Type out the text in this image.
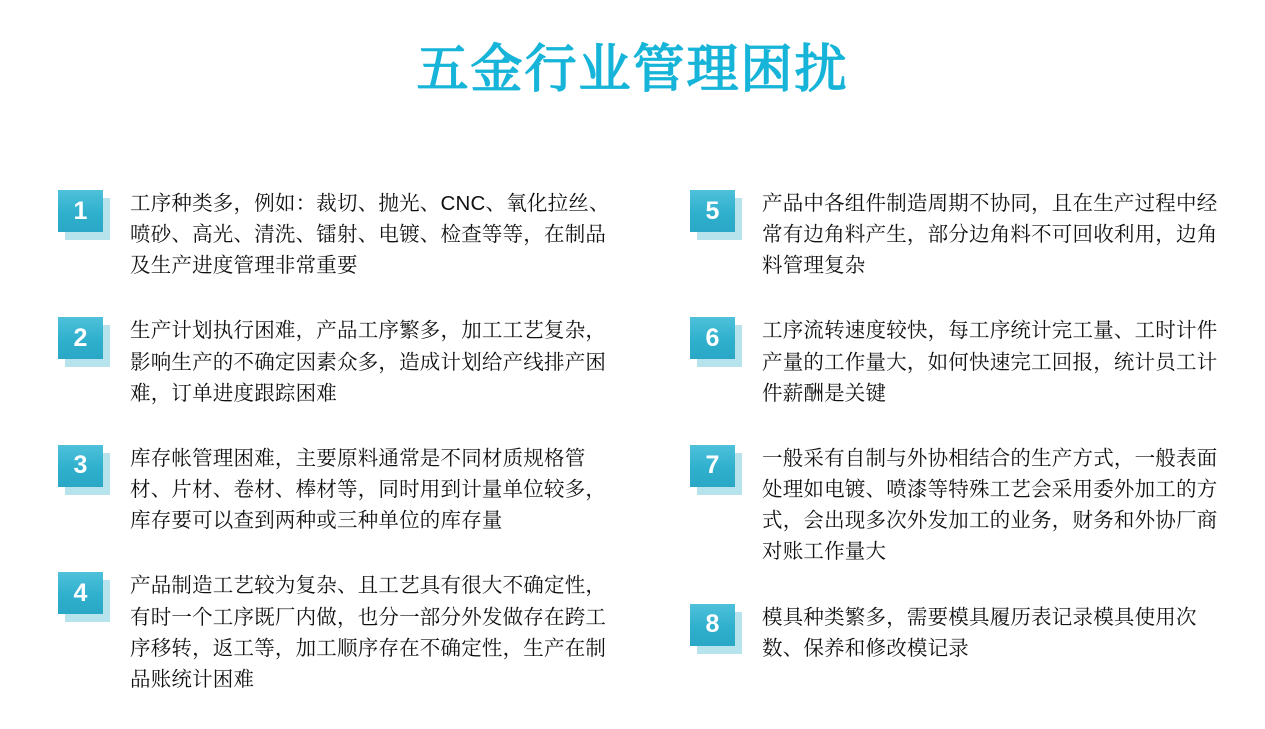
五金行业管理困扰
1	工序种类多，例如：裁切、抛光、CNC、氧化拉丝、喷砂、高光、清洗、镭射、电镀、检查等等，在制品及生产进度管理非常重要
2	生产计划执行困难，产品工序繁多，加工工艺复杂，影响生产的不确定因素众多，造成计划给产线排产困难，订单进度跟踪困难
3	库存帐管理困难，主要原料通常是不同材质规格管材、片材、卷材、棒材等，同时用到计量单位较多，库存要可以查到两种或三种单位的库存量
4	产品制造工艺较为复杂、且工艺具有很大不确定性，有时一个工序既厂内做，也分一部分外发做存在跨工序移转，返工等，加工顺序存在不确定性，生产在制品账统计困难
5	产品中各组件制造周期不协同，且在生产过程中经常有边角料产生，部分边角料不可回收利用，边角料管理复杂
6	工序流转速度较快，每工序统计完工量、工时计件产量的工作量大，如何快速完工回报，统计员工计件薪酬是关键
7	一般采有自制与外协相结合的生产方式，一般表面处理如电镀、喷漆等特殊工艺会采用委外加工的方式，会出现多次外发加工的业务，财务和外协厂商对账工作量大
8	模具种类繁多，需要模具履历表记录模具使用次数、保养和修改模记录
